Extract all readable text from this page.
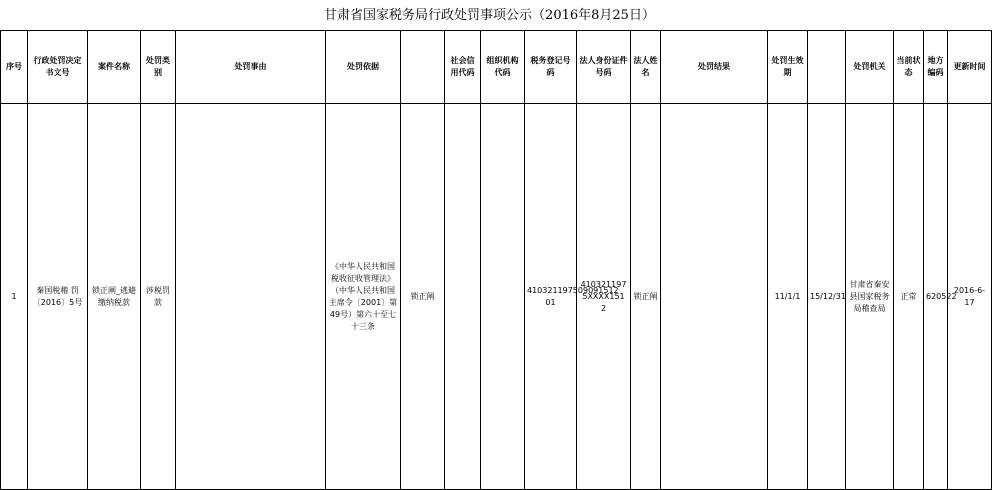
甘肃省国家税务局行政处罚事项公示（2016年8月25日）
序号	行政处罚决定书文号	案件名称	处罚类别	处罚事由	处罚依据		社会信用代码	组织机构代码	税务登记号码	法人身份证件号码	法人姓名	处罚结果	处罚生效期		处罚机关	当前状态	地方编码	更新时间
1	秦国税稽 罚〔2016〕5号	锁正阐_逃避缴纳税款	涉税罚款		《中华人民共和国税收征收管理法》（中华人民共和国主席令〔2001〕第49号）第六十至七十三条	锁正阐			410321197509091512 01	410321197 5XXXX151 2	锁正阐		11/1/1	15/12/31	甘肃省秦安县国家税务局稽查局	正常	620522	2016-6-17
